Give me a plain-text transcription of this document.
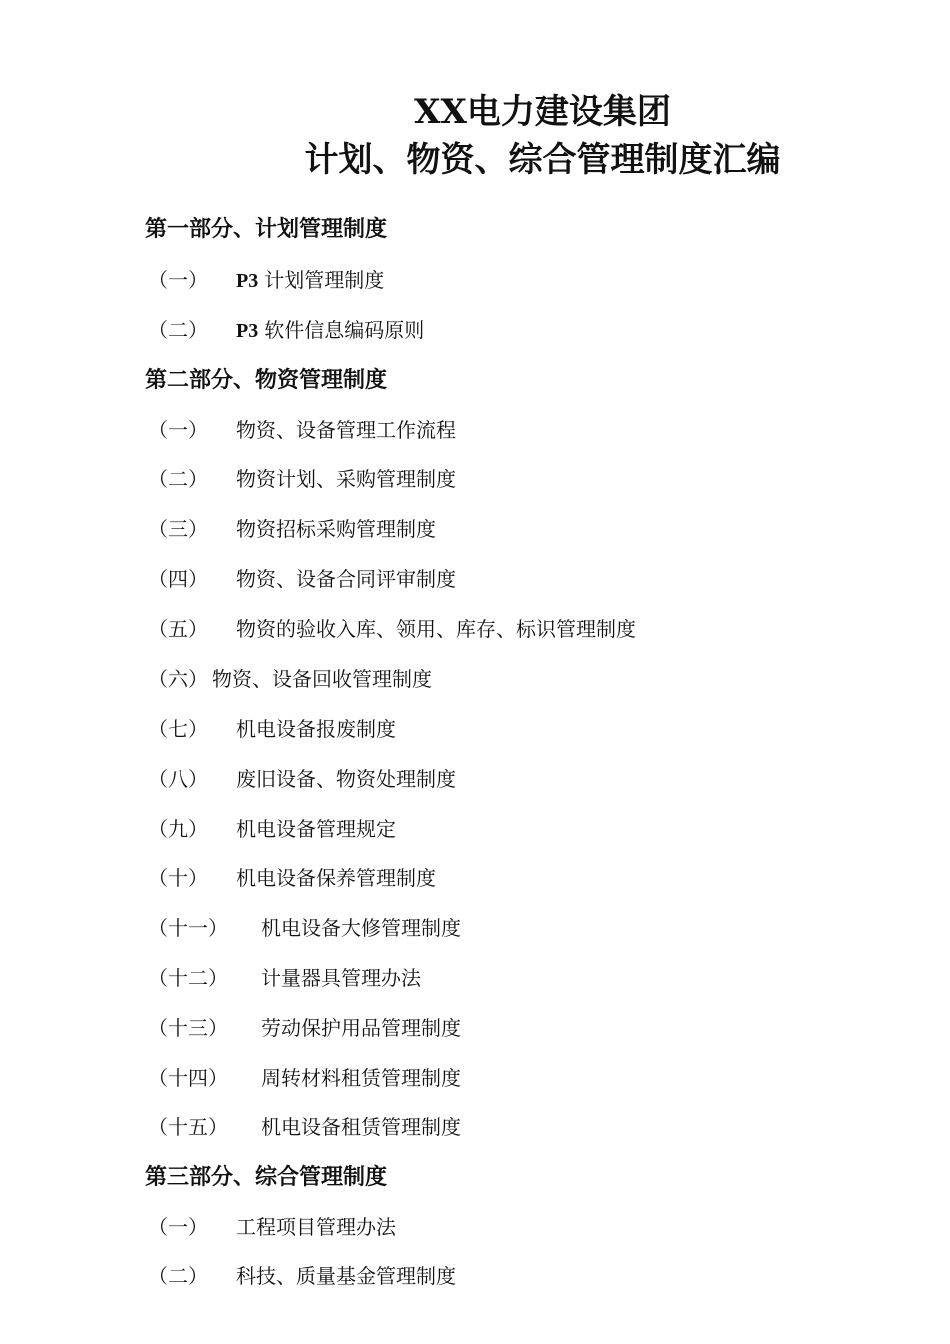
XX电力建设集团
计划、物资、综合管理制度汇编
第一部分、计划管理制度
（一）	P3 计划管理制度
（二）	P3 软件信息编码原则
第二部分、物资管理制度
（一）	物资、设备管理工作流程
（二）	物资计划、采购管理制度
（三）	物资招标采购管理制度
（四）	物资、设备合同评审制度
（五）	物资的验收入库、领用、库存、标识管理制度
（六） 物资、设备回收管理制度
（七）	机电设备报废制度
（八）	废旧设备、物资处理制度
（九）	机电设备管理规定
（十）	机电设备保养管理制度
（十一）	机电设备大修管理制度
（十二）	计量器具管理办法
（十三）	劳动保护用品管理制度
（十四）	周转材料租赁管理制度
（十五）	机电设备租赁管理制度
第三部分、综合管理制度
（一）	工程项目管理办法
（二）	科技、质量基金管理制度
